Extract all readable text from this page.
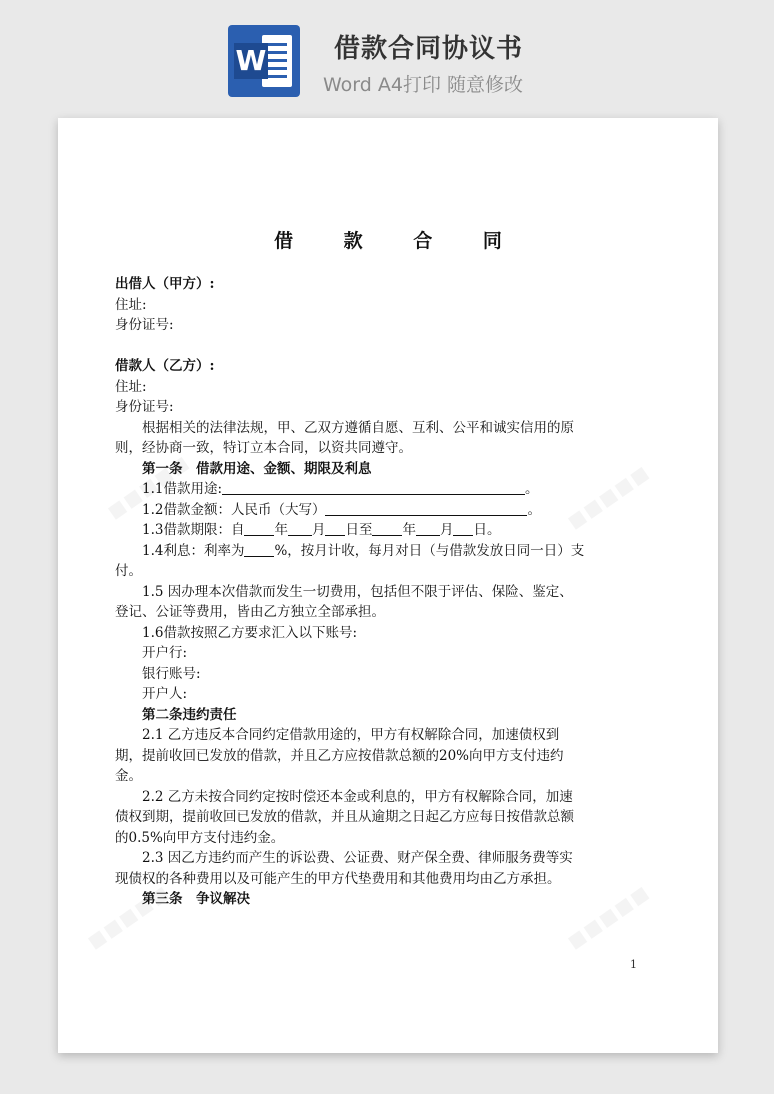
W	借款合同协议书
Word A4打印 随意修改
借 款 合 同

出借人（甲方）:

住址:

身份证号:

借款人（乙方）:

住址:

身份证号:

根据相关的法律法规，甲、乙双方遵循自愿、互利、公平和诚实信用的原则，经协商一致，特订立本合同，以资共同遵守。

第一条　借款用途、金额、期限及利息

1.1借款用途:	。

1.2借款金额：人民币（大写）	。

1.3借款期限：自 年 月 日至 年 月 日。

1.4利息：利率为 %，按月计收，每月对日（与借款发放日同一日）支付。

1.5 因办理本次借款而发生一切费用，包括但不限于评估、保险、鉴定、登记、公证等费用，皆由乙方独立全部承担。

1.6借款按照乙方要求汇入以下账号:

开户行:

银行账号:

开户人:

第二条违约责任

2.1 乙方违反本合同约定借款用途的，甲方有权解除合同，加速债权到期，提前收回已发放的借款，并且乙方应按借款总额的20%向甲方支付违约金。

2.2 乙方未按合同约定按时偿还本金或利息的，甲方有权解除合同，加速债权到期，提前收回已发放的借款，并且从逾期之日起乙方应每日按借款总额的0.5%向甲方支付违约金。

2.3 因乙方违约而产生的诉讼费、公证费、财产保全费、律师服务费等实现债权的各种费用以及可能产生的甲方代垫费用和其他费用均由乙方承担。

第三条　争议解决

1
